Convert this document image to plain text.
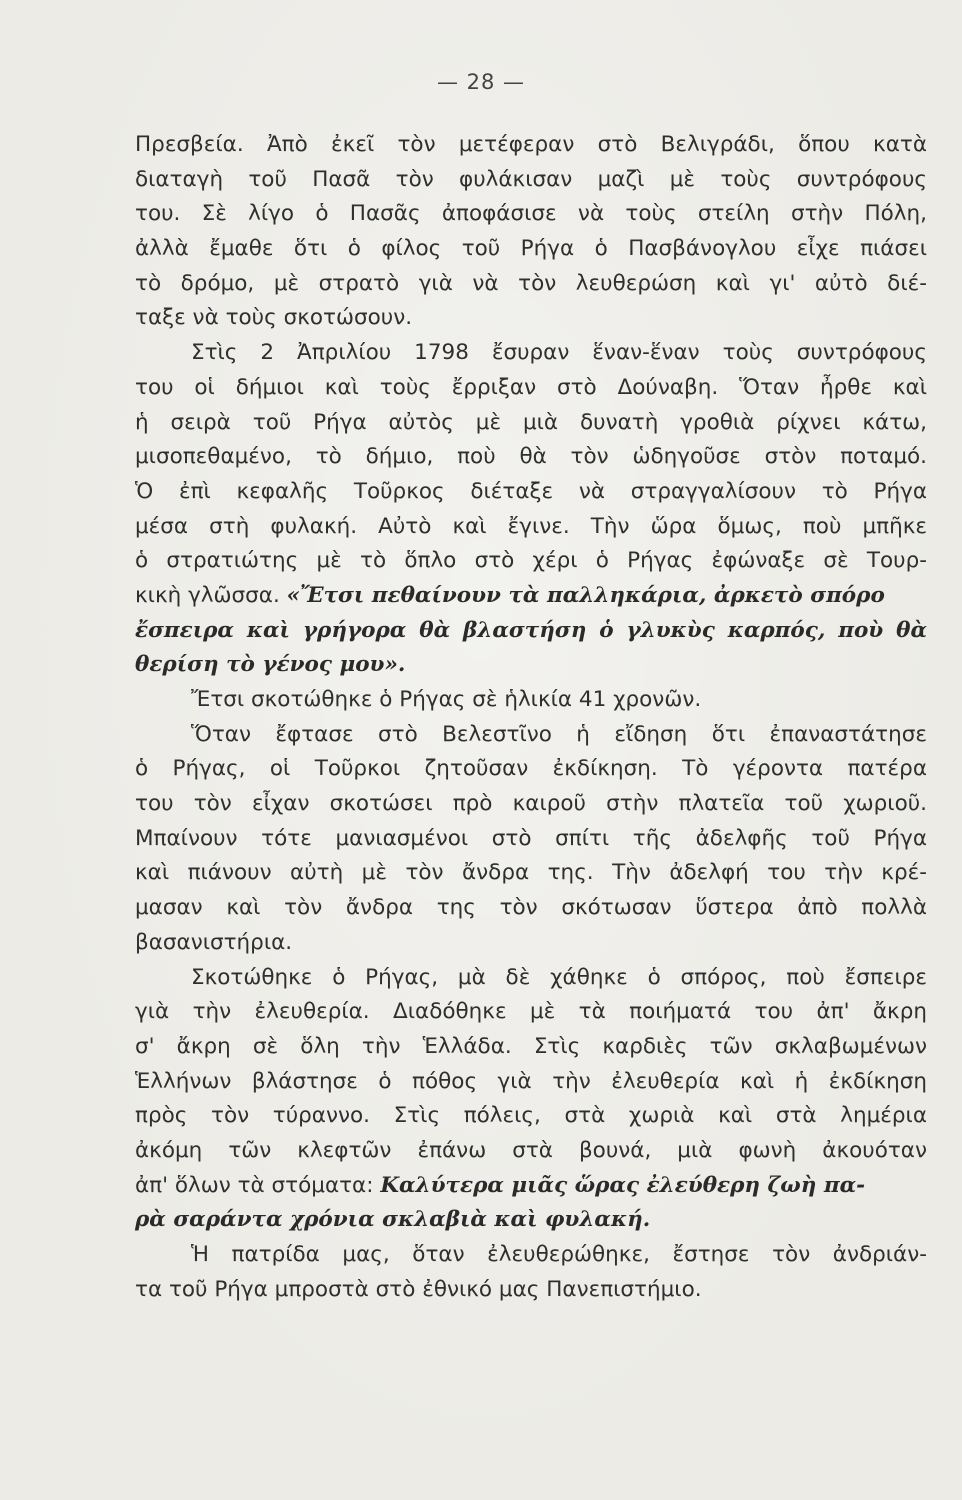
— 28 —
Πρεσβεία. Ἀπὸ ἐκεῖ τὸν μετέφεραν στὸ Βελιγράδι, ὅπου κατὰ
διαταγὴ τοῦ Πασᾶ τὸν φυλάκισαν μαζὶ μὲ τοὺς συντρόφους
του. Σὲ λίγο ὁ Πασᾶς ἀποφάσισε νὰ τοὺς στείλη στὴν Πόλη,
ἀλλὰ ἔμαθε ὅτι ὁ φίλος τοῦ Ρήγα ὁ Πασβάνογλου εἶχε πιάσει
τὸ δρόμο, μὲ στρατὸ γιὰ νὰ τὸν λευθερώση καὶ γι' αὐτὸ διέ-
ταξε νὰ τοὺς σκοτώσουν.
Στὶς 2 Ἀπριλίου 1798 ἔσυραν ἕναν-ἕναν τοὺς συντρόφους
του οἱ δήμιοι καὶ τοὺς ἔρριξαν στὸ Δούναβη. Ὅταν ἦρθε καὶ
ἡ σειρὰ τοῦ Ρήγα αὐτὸς μὲ μιὰ δυνατὴ γροθιὰ ρίχνει κάτω,
μισοπεθαμένο, τὸ δήμιο, ποὺ θὰ τὸν ὡδηγοῦσε στὸν ποταμό.
Ὁ ἐπὶ κεφαλῆς Τοῦρκος διέταξε νὰ στραγγαλίσουν τὸ Ρήγα
μέσα στὴ φυλακή. Αὐτὸ καὶ ἔγινε. Τὴν ὥρα ὅμως, ποὺ μπῆκε
ὁ στρατιώτης μὲ τὸ ὅπλο στὸ χέρι ὁ Ρήγας ἐφώναξε σὲ Τουρ-
κικὴ γλῶσσα. «Ἔτσι πεθαίνουν τὰ παλληκάρια, ἀρκετὸ σπόρο
ἔσπειρα καὶ γρήγορα θὰ βλαστήση ὁ γλυκὺς καρπός, ποὺ θὰ
θερίση τὸ γένος μου».
Ἔτσι σκοτώθηκε ὁ Ρήγας σὲ ἡλικία 41 χρονῶν.
Ὅταν ἔφτασε στὸ Βελεστῖνο ἡ εἴδηση ὅτι ἐπαναστάτησε
ὁ Ρήγας, οἱ Τοῦρκοι ζητοῦσαν ἐκδίκηση. Τὸ γέροντα πατέρα
του τὸν εἶχαν σκοτώσει πρὸ καιροῦ στὴν πλατεῖα τοῦ χωριοῦ.
Μπαίνουν τότε μανιασμένοι στὸ σπίτι τῆς ἀδελφῆς τοῦ Ρήγα
καὶ πιάνουν αὐτὴ μὲ τὸν ἄνδρα της. Τὴν ἀδελφή του τὴν κρέ-
μασαν καὶ τὸν ἄνδρα της τὸν σκότωσαν ὕστερα ἀπὸ πολλὰ
βασανιστήρια.
Σκοτώθηκε ὁ Ρήγας, μὰ δὲ χάθηκε ὁ σπόρος, ποὺ ἔσπειρε
γιὰ τὴν ἐλευθερία. Διαδόθηκε μὲ τὰ ποιήματά του ἀπ' ἄκρη
σ' ἄκρη σὲ ὅλη τὴν Ἑλλάδα. Στὶς καρδιὲς τῶν σκλαβωμένων
Ἑλλήνων βλάστησε ὁ πόθος γιὰ τὴν ἐλευθερία καὶ ἡ ἐκδίκηση
πρὸς τὸν τύραννο. Στὶς πόλεις, στὰ χωριὰ καὶ στὰ λημέρια
ἀκόμη τῶν κλεφτῶν ἐπάνω στὰ βουνά, μιὰ φωνὴ ἀκουόταν
ἀπ' ὅλων τὰ στόματα: Καλύτερα μιᾶς ὥρας ἐλεύθερη ζωὴ πα-
ρὰ σαράντα χρόνια σκλαβιὰ καὶ φυλακή.
Ἡ πατρίδα μας, ὅταν ἐλευθερώθηκε, ἔστησε τὸν ἀνδριάν-
τα τοῦ Ρήγα μπροστὰ στὸ ἐθνικό μας Πανεπιστήμιο.
